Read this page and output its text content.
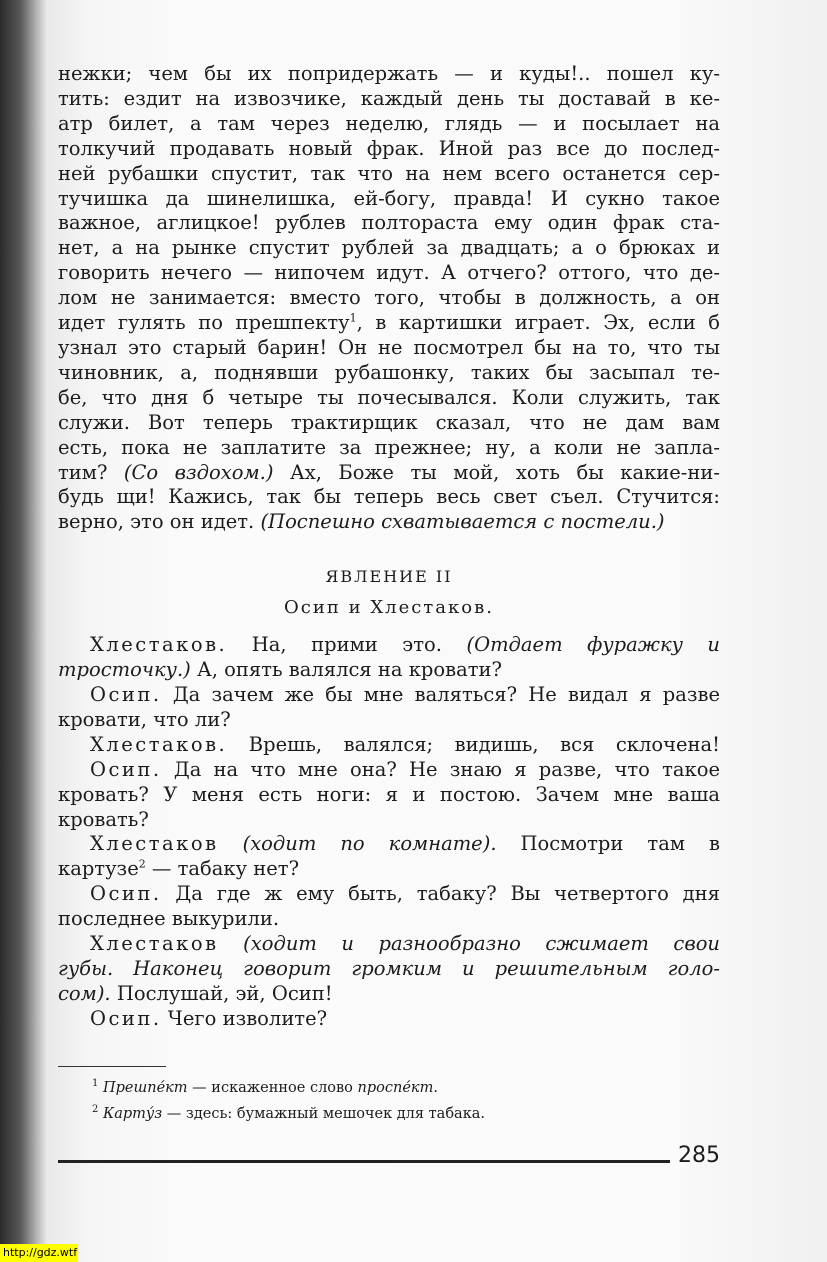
нежки; чем бы их попридержать — и куды!.. пошел ку-
тить: ездит на извозчике, каждый день ты доставай в ке-
атр билет, а там через неделю, глядь — и посылает на
толкучий продавать новый фрак. Иной раз все до послед-
ней рубашки спустит, так что на нем всего останется сер-
тучишка да шинелишка, ей-богу, правда! И сукно такое
важное, аглицкое! рублев полтораста ему один фрак ста-
нет, а на рынке спустит рублей за двадцать; а о брюках и
говорить нечего — нипочем идут. А отчего? оттого, что де-
лом не занимается: вместо того, чтобы в должность, а он
идет гулять по прешпекту$^1$, в картишки играет. Эх, если б
узнал это старый барин! Он не посмотрел бы на то, что ты
чиновник, а, поднявши рубашонку, таких бы засыпал те-
бе, что дня б четыре ты почесывался. Коли служить, так
служи. Вот теперь трактирщик сказал, что не дам вам
есть, пока не заплатите за прежнее; ну, а коли не запла-
тим? (Со вздохом.) Ах, Боже ты мой, хоть бы какие-ни-
будь щи! Кажись, так бы теперь весь свет съел. Стучится:
верно, это он идет. (Поспешно схватывается с постели.)

ЯВЛЕНИЕ II
Осип и Хлестаков.

Хлестаков. На, прими это. (Отдает фуражку и
тросточку.) А, опять валялся на кровати?

Осип. Да зачем же бы мне валяться? Не видал я разве
кровати, что ли?

Хлестаков. Врешь, валялся; видишь, вся склочена!

Осип. Да на что мне она? Не знаю я разве, что такое
кровать? У меня есть ноги: я и постою. Зачем мне ваша
кровать?

Хлестаков (ходит по комнате). Посмотри там в
картузе$^2$ — табаку нет?

Осип. Да где ж ему быть, табаку? Вы четвертого дня
последнее выкурили.

Хлестаков (ходит и разнообразно сжимает свои
губы. Наконец говорит громким и решительным голо-
сом). Послушай, эй, Осип!

Осип. Чего изволите?

$^1$ Прешпе́кт — искаженное слово проспе́кт.
$^2$ Карту́з — здесь: бумажный мешочек для табака.
285
http://gdz.wtf
